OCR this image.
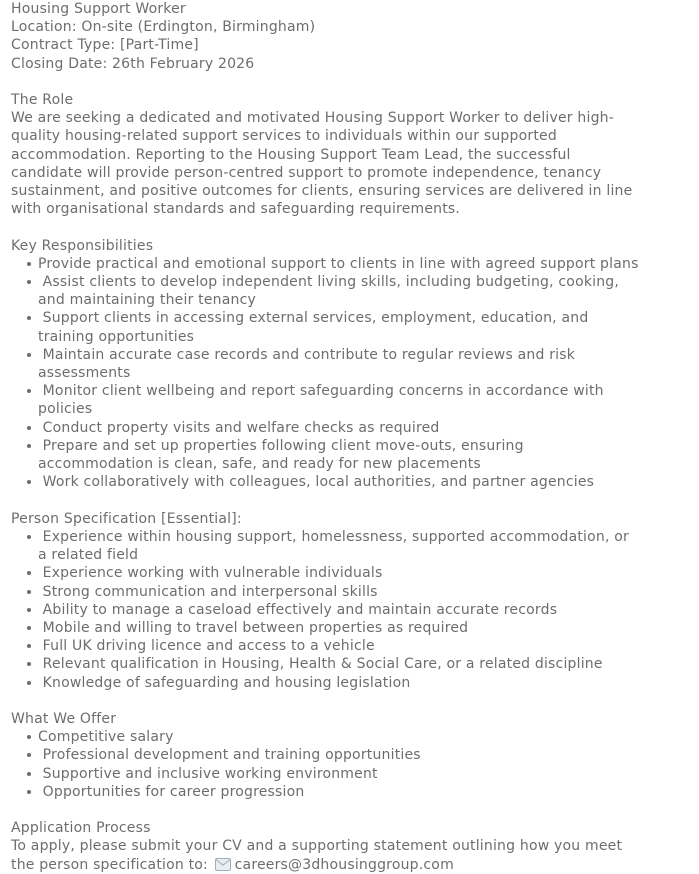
Housing Support Worker
Location: On-site (Erdington, Birmingham)
Contract Type: [Part-Time]
Closing Date: 26th February 2026
The Role
We are seeking a dedicated and motivated Housing Support Worker to deliver high-
quality housing-related support services to individuals within our supported
accommodation. Reporting to the Housing Support Team Lead, the successful
candidate will provide person-centred support to promote independence, tenancy
sustainment, and positive outcomes for clients, ensuring services are delivered in line
with organisational standards and safeguarding requirements.
Key Responsibilities
Provide practical and emotional support to clients in line with agreed support plans
Assist clients to develop independent living skills, including budgeting, cooking,
and maintaining their tenancy
Support clients in accessing external services, employment, education, and
training opportunities
Maintain accurate case records and contribute to regular reviews and risk
assessments
Monitor client wellbeing and report safeguarding concerns in accordance with
policies
Conduct property visits and welfare checks as required
Prepare and set up properties following client move-outs, ensuring
accommodation is clean, safe, and ready for new placements
Work collaboratively with colleagues, local authorities, and partner agencies
Person Specification [Essential]:
Experience within housing support, homelessness, supported accommodation, or
a related field
Experience working with vulnerable individuals
Strong communication and interpersonal skills
Ability to manage a caseload effectively and maintain accurate records
Mobile and willing to travel between properties as required
Full UK driving licence and access to a vehicle
Relevant qualification in Housing, Health & Social Care, or a related discipline
Knowledge of safeguarding and housing legislation
What We Offer
Competitive salary
Professional development and training opportunities
Supportive and inclusive working environment
Opportunities for career progression
Application Process
To apply, please submit your CV and a supporting statement outlining how you meet
the person specification to: careers@3dhousinggroup.com
